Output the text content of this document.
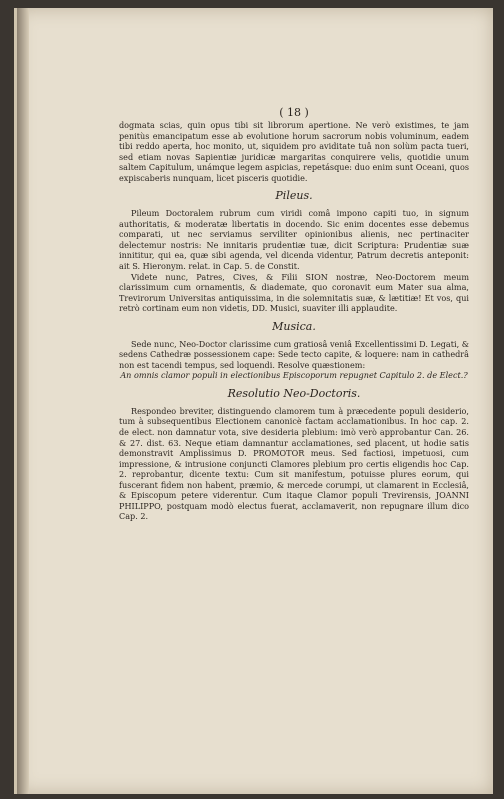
( 18 )
dogmata scias, quin opus tibi sit librorum apertione. Ne verò existimes, te jam penitùs emancipatum esse ab evolutione horum sacrorum nobis voluminum, eadem tibi reddo aperta, hoc monito, ut, siquidem pro aviditate tuâ non solùm pacta tueri, sed etiam novas Sapientiæ juridicæ margaritas conquirere velis, quotidie unum saltem Capitulum, unámque legem aspicias, repetásque: duo enim sunt Oceani, quos expiscaberis nunquam, licet pisceris quotidie.
Pileus.
Pileum Doctoralem rubrum cum viridi comâ impono capiti tuo, in signum authoritatis, & moderatæ libertatis in docendo. Sic enim docentes esse debemus comparati, ut nec serviamus serviliter opinionibus alienis, nec pertinaciter delectemur nostris: Ne innitaris prudentiæ tuæ, dicit Scriptura: Prudentiæ suæ innititur, qui ea, quæ sibi agenda, vel dicenda videntur, Patrum decretis anteponit: ait S. Hieronym. relat. in Cap. 5. de Constit.
Videte nunc, Patres, Cives, & Filii SION nostræ, Neo-Doctorem meum clarissimum cum ornamentis, & diademate, quo coronavit eum Mater sua alma, Trevirorum Universitas antiquissima, in die solemnitatis suæ, & lætitiæ! Et vos, qui retrò cortinam eum non videtis, DD. Musici, suaviter illi applaudite.
Musica.
Sede nunc, Neo-Doctor clarissime cum gratiosâ veniâ Excellentissimi D. Legati, & sedens Cathedræ possessionem cape: Sede tecto capite, & loquere: nam in cathedrâ non est tacendi tempus, sed loquendi. Resolve quæstionem:
An omnis clamor populi in electionibus Episcoporum repugnet Capitulo 2. de Elect.?
Resolutio Neo-Doctoris.
Respondeo breviter, distinguendo clamorem tum à præcedente populi desiderio, tum à subsequentibus Electionem canonicè factam acclamationibus. In hoc cap. 2. de elect. non damnatur vota, sive desideria plebium: imò verò approbantur Can. 26. & 27. dist. 63. Neque etiam damnantur acclamationes, sed placent, ut hodie satis demonstravit Amplissimus D. PROMOTOR meus. Sed factiosi, impetuosi, cum impressione, & intrusione conjuncti Clamores plebium pro certis eligendis hoc Cap. 2. reprobantur, dicente textu: Cum sit manifestum, potuisse plures eorum, qui fuscerant fidem non habent, præmio, & mercede corumpi, ut clamarent in Ecclesiâ, & Episcopum petere viderentur. Cum itaque Clamor populi Trevirensis, JOANNI PHILIPPO, postquam modò electus fuerat, acclamaverit, non repugnare illum dico Cap. 2.
